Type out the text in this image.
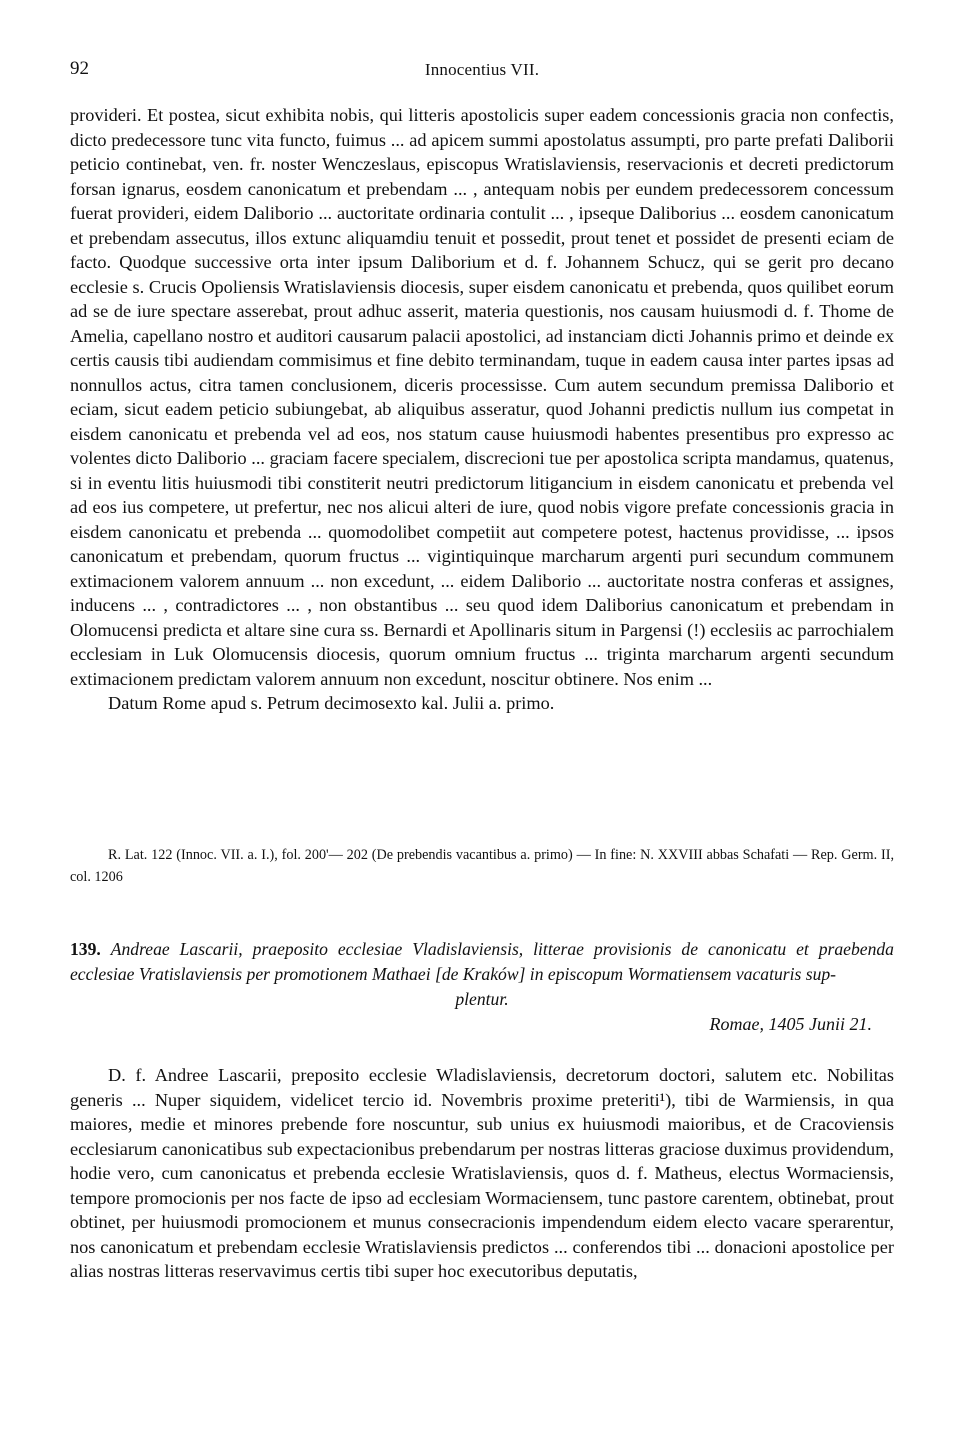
92	Innocentius VII.

provideri. Et postea, sicut exhibita nobis, qui litteris apostolicis super eadem concessionis gracia non confectis, dicto predecessore tunc vita functo, fuimus ... ad apicem summi apostolatus assumpti, pro parte prefati Daliborii peticio continebat, ven. fr. noster Wenczeslaus, episcopus Wratislaviensis, reservacionis et decreti predictorum forsan ignarus, eosdem canonicatum et prebendam ... , antequam nobis per eundem predecessorem concessum fuerat provideri, eidem Daliborio ... auctoritate ordinaria contulit ... , ipseque Daliborius ... eosdem canonicatum et prebendam assecutus, illos extunc aliquamdiu tenuit et possedit, prout tenet et possidet de presenti eciam de facto. Quodque successive orta inter ipsum Daliborium et d. f. Johannem Schucz, qui se gerit pro decano ecclesie s. Crucis Opoliensis Wratislaviensis diocesis, super eisdem canonicatu et prebenda, quos quilibet eorum ad se de iure spectare asserebat, prout adhuc asserit, materia questionis, nos causam huiusmodi d. f. Thome de Amelia, capellano nostro et auditori causarum palacii apostolici, ad instanciam dicti Johannis primo et deinde ex certis causis tibi audiendam commisimus et fine debito terminandam, tuque in eadem causa inter partes ipsas ad nonnullos actus, citra tamen conclusionem, diceris processisse. Cum autem secundum premissa Daliborio et eciam, sicut eadem peticio subiungebat, ab aliquibus asseratur, quod Johanni predictis nullum ius competat in eisdem canonicatu et prebenda vel ad eos, nos statum cause huiusmodi habentes presentibus pro expresso ac volentes dicto Daliborio ... graciam facere specialem, discrecioni tue per apostolica scripta mandamus, quatenus, si in eventu litis huiusmodi tibi constiterit neutri predictorum litigancium in eisdem canonicatu et prebenda vel ad eos ius competere, ut prefertur, nec nos alicui alteri de iure, quod nobis vigore prefate concessionis gracia in eisdem canonicatu et prebenda ... quomodolibet competiit aut competere potest, hactenus providisse, ... ipsos canonicatum et prebendam, quorum fructus ... vigintiquinque marcharum argenti puri secundum communem extimacionem valorem annuum ... non excedunt, ... eidem Daliborio ... auctoritate nostra conferas et assignes, inducens ... , contradictores ... , non obstantibus ... seu quod idem Daliborius canonicatum et prebendam in Olomucensi predicta et altare sine cura ss. Bernardi et Apollinaris situm in Pargensi (!) ecclesiis ac parrochialem ecclesiam in Luk Olomucensis diocesis, quorum omnium fructus ... triginta marcharum argenti secundum extimacionem predictam valorem annuum non excedunt, noscitur obtinere. Nos enim ...

Datum Rome apud s. Petrum decimosexto kal. Julii a. primo.

R. Lat. 122 (Innoc. VII. a. I.), fol. 200'— 202 (De prebendis vacantibus a. primo) — In fine: N. XXVIII abbas Schafati — Rep. Germ. II, col. 1206

139. Andreae Lascarii, praeposito ecclesiae Vladislaviensis, litterae provisionis de canonicatu et praebenda ecclesiae Vratislaviensis per promotionem Mathaei [de Kraków] in episcopum Wormatiensem vacaturis sup-
plentur.
Romae, 1405 Junii 21.

D. f. Andree Lascarii, preposito ecclesie Wladislaviensis, decretorum doctori, salutem etc. Nobilitas generis ... Nuper siquidem, videlicet tercio id. Novembris proxime preteriti¹), tibi de Warmiensis, in qua maiores, medie et minores prebende fore noscuntur, sub unius ex huiusmodi maioribus, et de Cracoviensis ecclesiarum canonicatibus sub expectacionibus prebendarum per nostras litteras graciose duximus providendum, hodie vero, cum canonicatus et prebenda ecclesie Wratislaviensis, quos d. f. Matheus, electus Wormaciensis, tempore promocionis per nos facte de ipso ad ecclesiam Wormaciensem, tunc pastore carentem, obtinebat, prout obtinet, per huiusmodi promocionem et munus consecracionis impendendum eidem electo vacare sperarentur, nos canonicatum et prebendam ecclesie Wratislaviensis predictos ... conferendos tibi ... donacioni apostolice per alias nostras litteras reservavimus certis tibi super hoc executoribus deputatis,
